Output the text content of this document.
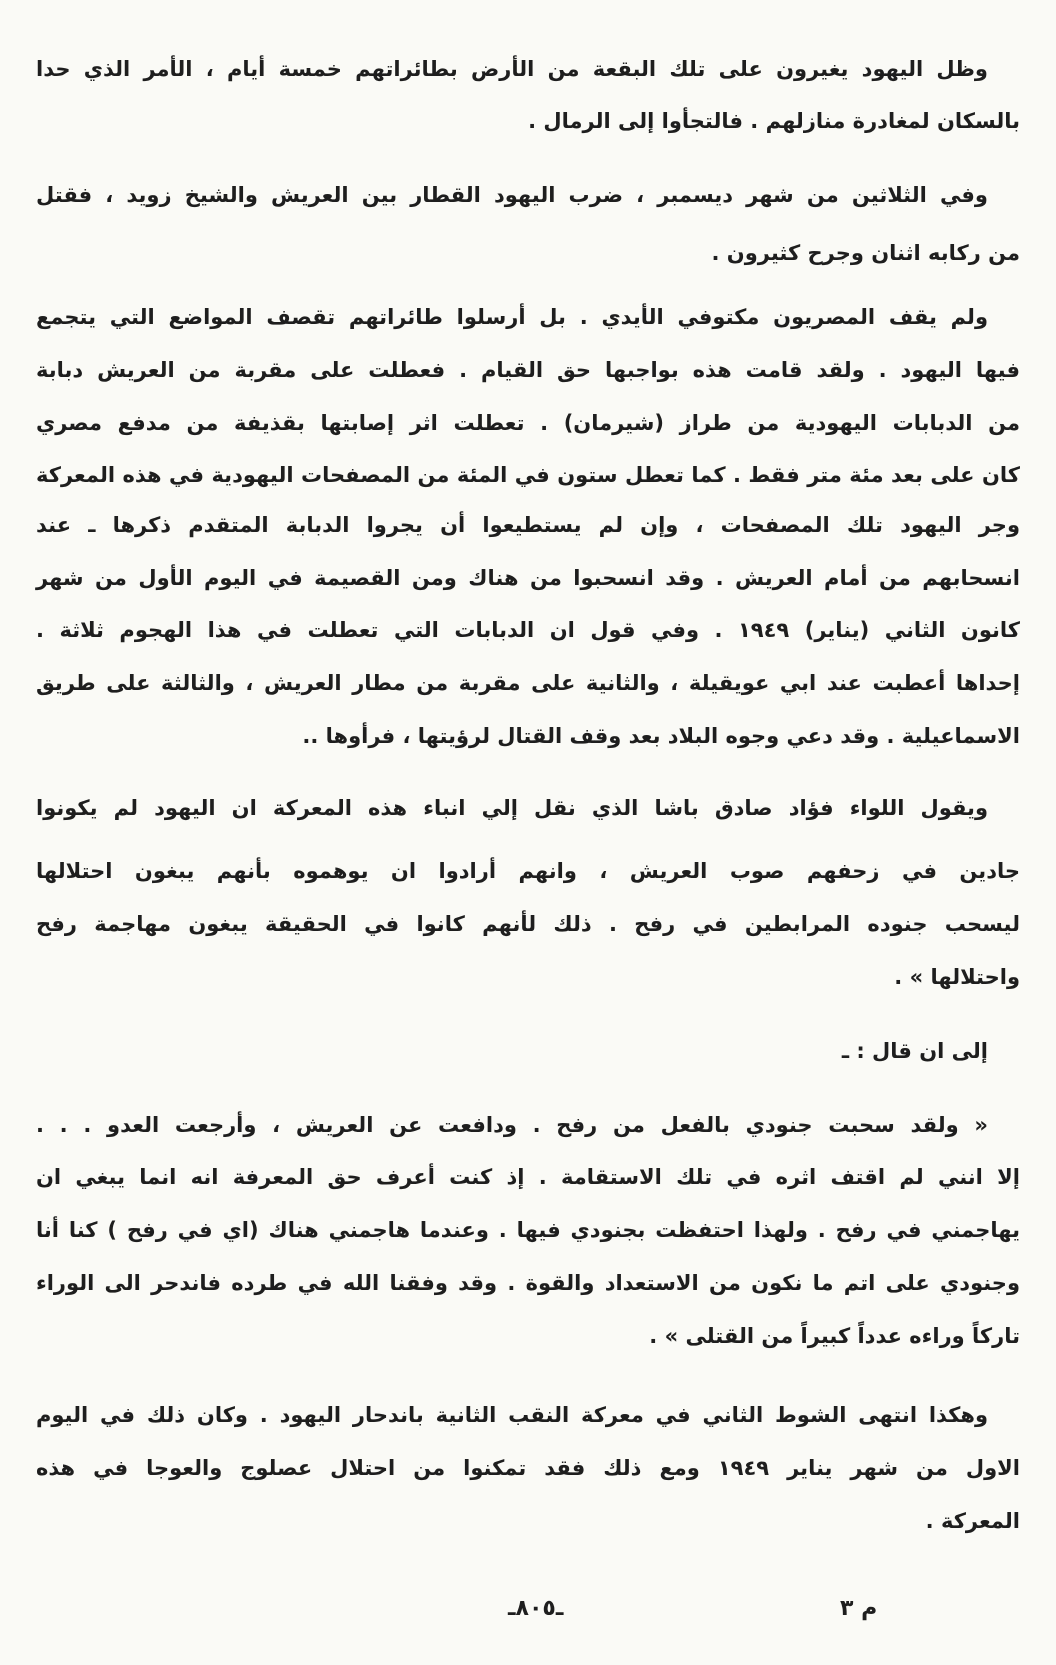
وظل اليهود يغيرون على تلك البقعة من الأرض بطائراتهم خمسة أيام ، الأمر الذي حدا
بالسكان لمغادرة منازلهم . فالتجأوا إلى الرمال .
وفي الثلاثين من شهر ديسمبر ، ضرب اليهود القطار بين العريش والشيخ زويد ، فقتل
من ركابه اثنان وجرح كثيرون .
ولم يقف المصريون مكتوفي الأيدي . بل أرسلوا طائراتهم تقصف المواضع التي يتجمع
فيها اليهود . ولقد قامت هذه بواجبها حق القيام . فعطلت على مقربة من العريش دبابة
من الدبابات اليهودية من طراز (شيرمان) . تعطلت اثر إصابتها بقذيفة من مدفع مصري
كان على بعد مئة متر فقط . كما تعطل ستون في المئة من المصفحات اليهودية في هذه المعركة
وجر اليهود تلك المصفحات ، وإن لم يستطيعوا أن يجروا الدبابة المتقدم ذكرها ـ عند
انسحابهم من أمام العريش . وقد انسحبوا من هناك ومن القصيمة في اليوم الأول من شهر
كانون الثاني (يناير) ١٩٤٩ . وفي قول ان الدبابات التي تعطلت في هذا الهجوم ثلاثة .
إحداها أعطبت عند ابي عويقيلة ، والثانية على مقربة من مطار العريش ، والثالثة على طريق
الاسماعيلية . وقد دعي وجوه البلاد بعد وقف القتال لرؤيتها ، فرأوها ..
ويقول اللواء فؤاد صادق باشا الذي نقل إلي انباء هذه المعركة ان اليهود لم يكونوا
جادين في زحفهم صوب العريش ، وانهم أرادوا ان يوهموه بأنهم يبغون احتلالها
ليسحب جنوده المرابطين في رفح . ذلك لأنهم كانوا في الحقيقة يبغون مهاجمة رفح
واحتلالها » .
إلى ان قال : ـ
« ولقد سحبت جنودي بالفعل من رفح . ودافعت عن العريش ، وأرجعت العدو . . .
إلا انني لم اقتف اثره في تلك الاستقامة . إذ كنت أعرف حق المعرفة انه انما يبغي ان
يهاجمني في رفح . ولهذا احتفظت بجنودي فيها . وعندما هاجمني هناك (اي في رفح ) كنا أنا
وجنودي على اتم ما نكون من الاستعداد والقوة . وقد وفقنا الله في طرده فاندحر الى الوراء
تاركاً وراءه عدداً كبيراً من القتلى » .
وهكذا انتهى الشوط الثاني في معركة النقب الثانية باندحار اليهود . وكان ذلك في اليوم
الاول من شهر يناير ١٩٤٩ ومع ذلك فقد تمكنوا من احتلال عصلوج والعوجا في هذه
المعركة .
ـ٨٠٥ـ	م ٣
